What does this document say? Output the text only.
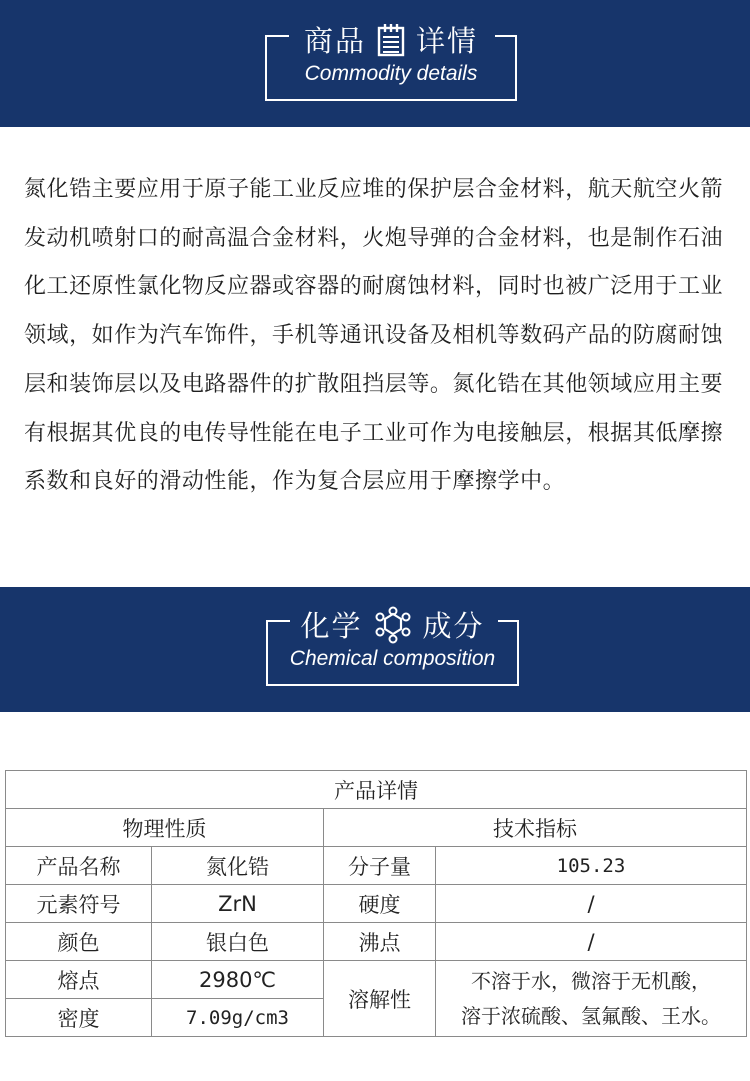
商品 详情
Commodity details

氮化锆主要应用于原子能工业反应堆的保护层合金材料，航天航空火箭发动机喷射口的耐高温合金材料，火炮导弹的合金材料，也是制作石油化工还原性氯化物反应器或容器的耐腐蚀材料，同时也被广泛用于工业领域，如作为汽车饰件，手机等通讯设备及相机等数码产品的防腐耐蚀层和装饰层以及电路器件的扩散阻挡层等。氮化锆在其他领域应用主要有根据其优良的电传导性能在电子工业可作为电接触层，根据其低摩擦系数和良好的滑动性能，作为复合层应用于摩擦学中。

化学 成分
Chemical composition
产品详情			
物理性质		技术指标	
产品名称	氮化锆	分子量	105.23
元素符号	ZrN	硬度	/
颜色	银白色	沸点	/
熔点	2980℃	溶解性	不溶于水，微溶于无机酸，
溶于浓硫酸、氢氟酸、王水。

密度	7.09g/cm3		
